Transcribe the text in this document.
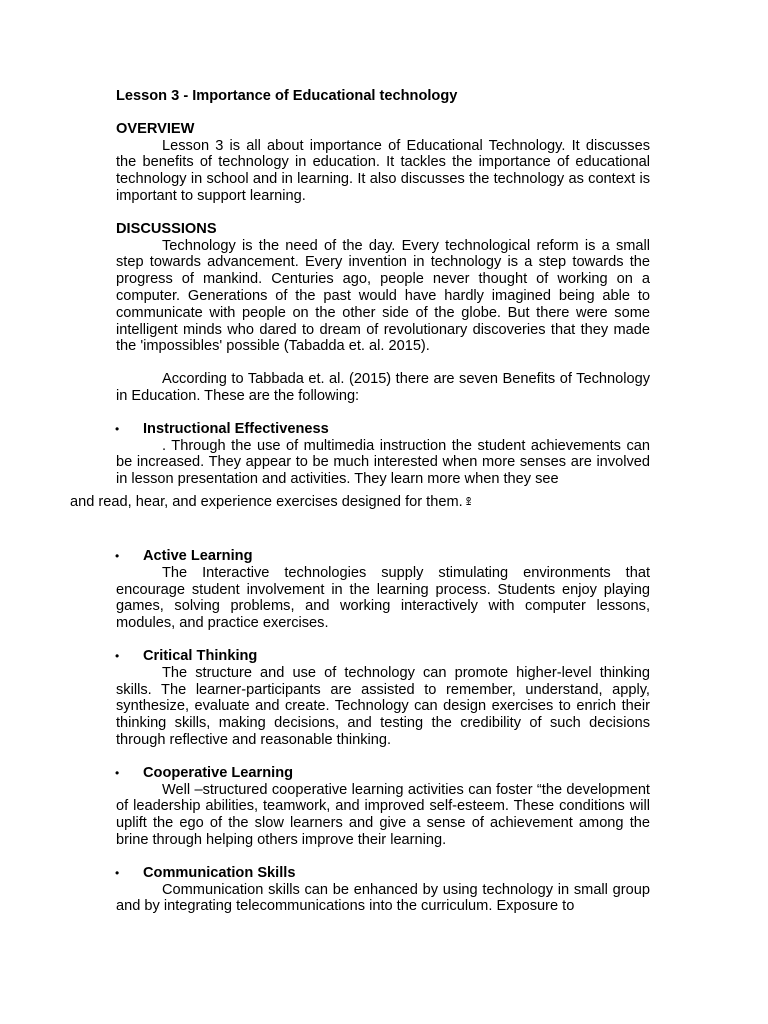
Lesson 3 - Importance of Educational technology
OVERVIEW

Lesson 3 is all about importance of Educational Technology. It discusses the benefits of technology in education. It tackles the importance of educational technology in school and in learning. It also discusses the technology as context is important to support learning.

DISCUSSIONS

Technology is the need of the day. Every technological reform is a small step towards advancement. Every invention in technology is a step towards the progress of mankind. Centuries ago, people never thought of working on a computer. Generations of the past would have hardly imagined being able to communicate with people on the other side of the globe. But there were some intelligent minds who dared to dream of revolutionary discoveries that they made the 'impossibles' possible (Tabadda et. al. 2015).

According to Tabbada et. al. (2015) there are seven Benefits of Technology in Education. These are the following:

• Instructional Effectiveness

. Through the use of multimedia instruction the student achievements can be increased. They appear to be much interested when more senses are involved in lesson presentation and activities. They learn more when they see
and read, hear, and experience exercises designed for them. ꖵ

• Active Learning

The Interactive technologies supply stimulating environments that encourage student involvement in the learning process. Students enjoy playing games, solving problems, and working interactively with computer lessons, modules, and practice exercises.

• Critical Thinking

The structure and use of technology can promote higher-level thinking skills. The learner-participants are assisted to remember, understand, apply, synthesize, evaluate and create. Technology can design exercises to enrich their thinking skills, making decisions, and testing the credibility of such decisions through reflective and reasonable thinking.

• Cooperative Learning

Well –structured cooperative learning activities can foster “the development of leadership abilities, teamwork, and improved self-esteem. These conditions will uplift the ego of the slow learners and give a sense of achievement among the brine through helping others improve their learning.

• Communication Skills

Communication skills can be enhanced by using technology in small group and by integrating telecommunications into the curriculum. Exposure to
